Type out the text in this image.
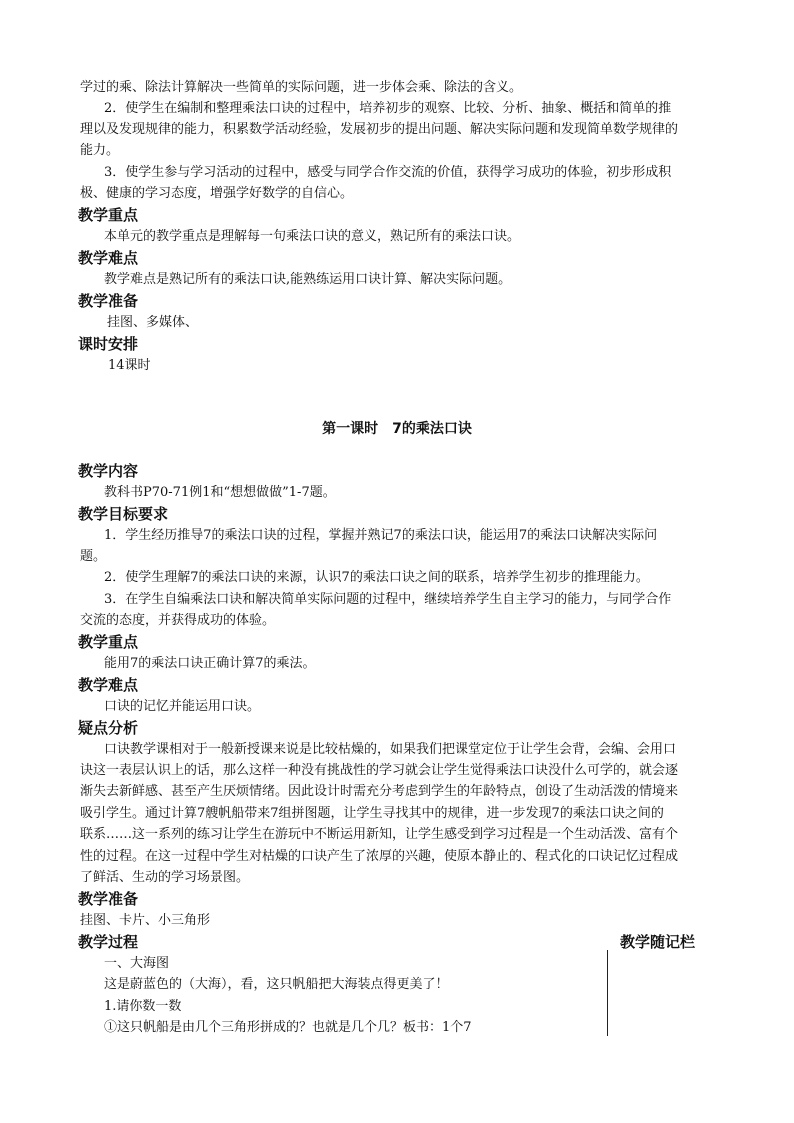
学过的乘、除法计算解决一些简单的实际问题，进一步体会乘、除法的含义。
2．使学生在编制和整理乘法口诀的过程中，培养初步的观察、比较、分析、抽象、概括和简单的推
理以及发现规律的能力，积累数学活动经验，发展初步的提出问题、解决实际问题和发现简单数学规律的
能力。
3．使学生参与学习活动的过程中，感受与同学合作交流的价值，获得学习成功的体验，初步形成积
极、健康的学习态度，增强学好数学的自信心。
教学重点
本单元的教学重点是理解每一句乘法口诀的意义，熟记所有的乘法口诀。
教学难点
教学难点是熟记所有的乘法口诀,能熟练运用口诀计算、解决实际问题。
教学准备
挂图、多媒体、
课时安排
14课时
第一课时　7的乘法口诀
教学内容
教科书P70-71例1和“想想做做”1-7题。
教学目标要求
1．学生经历推导7的乘法口诀的过程，掌握并熟记7的乘法口诀，能运用7的乘法口诀解决实际问
题。
2．使学生理解7的乘法口诀的来源，认识7的乘法口诀之间的联系，培养学生初步的推理能力。
3．在学生自编乘法口诀和解决简单实际问题的过程中，继续培养学生自主学习的能力，与同学合作
交流的态度，并获得成功的体验。
教学重点
能用7的乘法口诀正确计算7的乘法。
教学难点
口诀的记忆并能运用口诀。
疑点分析
口诀教学课相对于一般新授课来说是比较枯燥的，如果我们把课堂定位于让学生会背，会编、会用口
诀这一表层认识上的话，那么这样一种没有挑战性的学习就会让学生觉得乘法口诀没什么可学的，就会逐
渐失去新鲜感、甚至产生厌烦情绪。因此设计时需充分考虑到学生的年龄特点，创设了生动活泼的情境来
吸引学生。通过计算7艘帆船带来7组拼图题，让学生寻找其中的规律，进一步发现7的乘法口诀之间的
联系……这一系列的练习让学生在游玩中不断运用新知，让学生感受到学习过程是一个生动活泼、富有个
性的过程。在这一过程中学生对枯燥的口诀产生了浓厚的兴趣，使原本静止的、程式化的口诀记忆过程成
了鲜活、生动的学习场景图。
教学准备
挂图、卡片、小三角形
教学过程	教学随记栏
一、大海图
这是蔚蓝色的（大海），看，这只帆船把大海装点得更美了！
1.请你数一数
①这只帆船是由几个三角形拼成的？也就是几个几？板书：1个7
